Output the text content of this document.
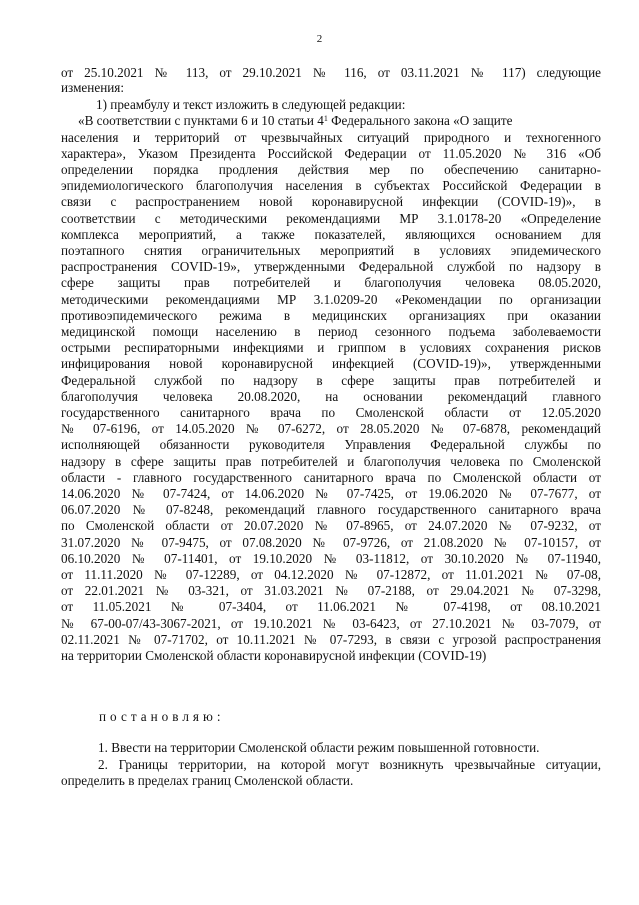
2
от 25.10.2021 № 113, от 29.10.2021 № 116, от 03.11.2021 № 117) следующие
изменения:
1) преамбулу и текст изложить в следующей редакции:
«В соответствии с пунктами 6 и 10 статьи $4^1$ Федерального закона «О защите
населения и территорий от чрезвычайных ситуаций природного и техногенного
характера», Указом Президента Российской Федерации от 11.05.2020 № 316 «Об
определении порядка продления действия мер по обеспечению санитарно-
эпидемиологического благополучия населения в субъектах Российской Федерации в
связи с распространением новой коронавирусной инфекции (COVID-19)», в
соответствии с методическими рекомендациями МР 3.1.0178-20 «Определение
комплекса мероприятий, а также показателей, являющихся основанием для
поэтапного снятия ограничительных мероприятий в условиях эпидемического
распространения COVID-19», утвержденными Федеральной службой по надзору в
сфере защиты прав потребителей и благополучия человека 08.05.2020,
методическими рекомендациями МР 3.1.0209-20 «Рекомендации по организации
противоэпидемического режима в медицинских организациях при оказании
медицинской помощи населению в период сезонного подъема заболеваемости
острыми респираторными инфекциями и гриппом в условиях сохранения рисков
инфицирования новой коронавирусной инфекцией (COVID-19)», утвержденными
Федеральной службой по надзору в сфере защиты прав потребителей и
благополучия человека 20.08.2020, на основании рекомендаций главного
государственного санитарного врача по Смоленской области от 12.05.2020
№ 07-6196, от 14.05.2020 № 07-6272, от 28.05.2020 № 07-6878, рекомендаций
исполняющей обязанности руководителя Управления Федеральной службы по
надзору в сфере защиты прав потребителей и благополучия человека по Смоленской
области - главного государственного санитарного врача по Смоленской области от
14.06.2020 № 07-7424, от 14.06.2020 № 07-7425, от 19.06.2020 № 07-7677, от
06.07.2020 № 07-8248, рекомендаций главного государственного санитарного врача
по Смоленской области от 20.07.2020 № 07-8965, от 24.07.2020 № 07-9232, от
31.07.2020 № 07-9475, от 07.08.2020 № 07-9726, от 21.08.2020 № 07-10157, от
06.10.2020 № 07-11401, от 19.10.2020 № 03-11812, от 30.10.2020 № 07-11940,
от 11.11.2020 № 07-12289, от 04.12.2020 № 07-12872, от 11.01.2021 № 07-08,
от 22.01.2021 № 03-321, от 31.03.2021 № 07-2188, от 29.04.2021 № 07-3298,
от 11.05.2021 № 07-3404, от 11.06.2021 № 07-4198, от 08.10.2021
№ 67-00-07/43-3067-2021, от 19.10.2021 № 03-6423, от 27.10.2021 № 03-7079, от
02.11.2021 № 07-71702, от 10.11.2021 № 07-7293, в связи с угрозой распространения
на территории Смоленской области коронавирусной инфекции (COVID-19)
постановляю:
1. Ввести на территории Смоленской области режим повышенной готовности.
2. Границы территории, на которой могут возникнуть чрезвычайные ситуации,
определить в пределах границ Смоленской области.
